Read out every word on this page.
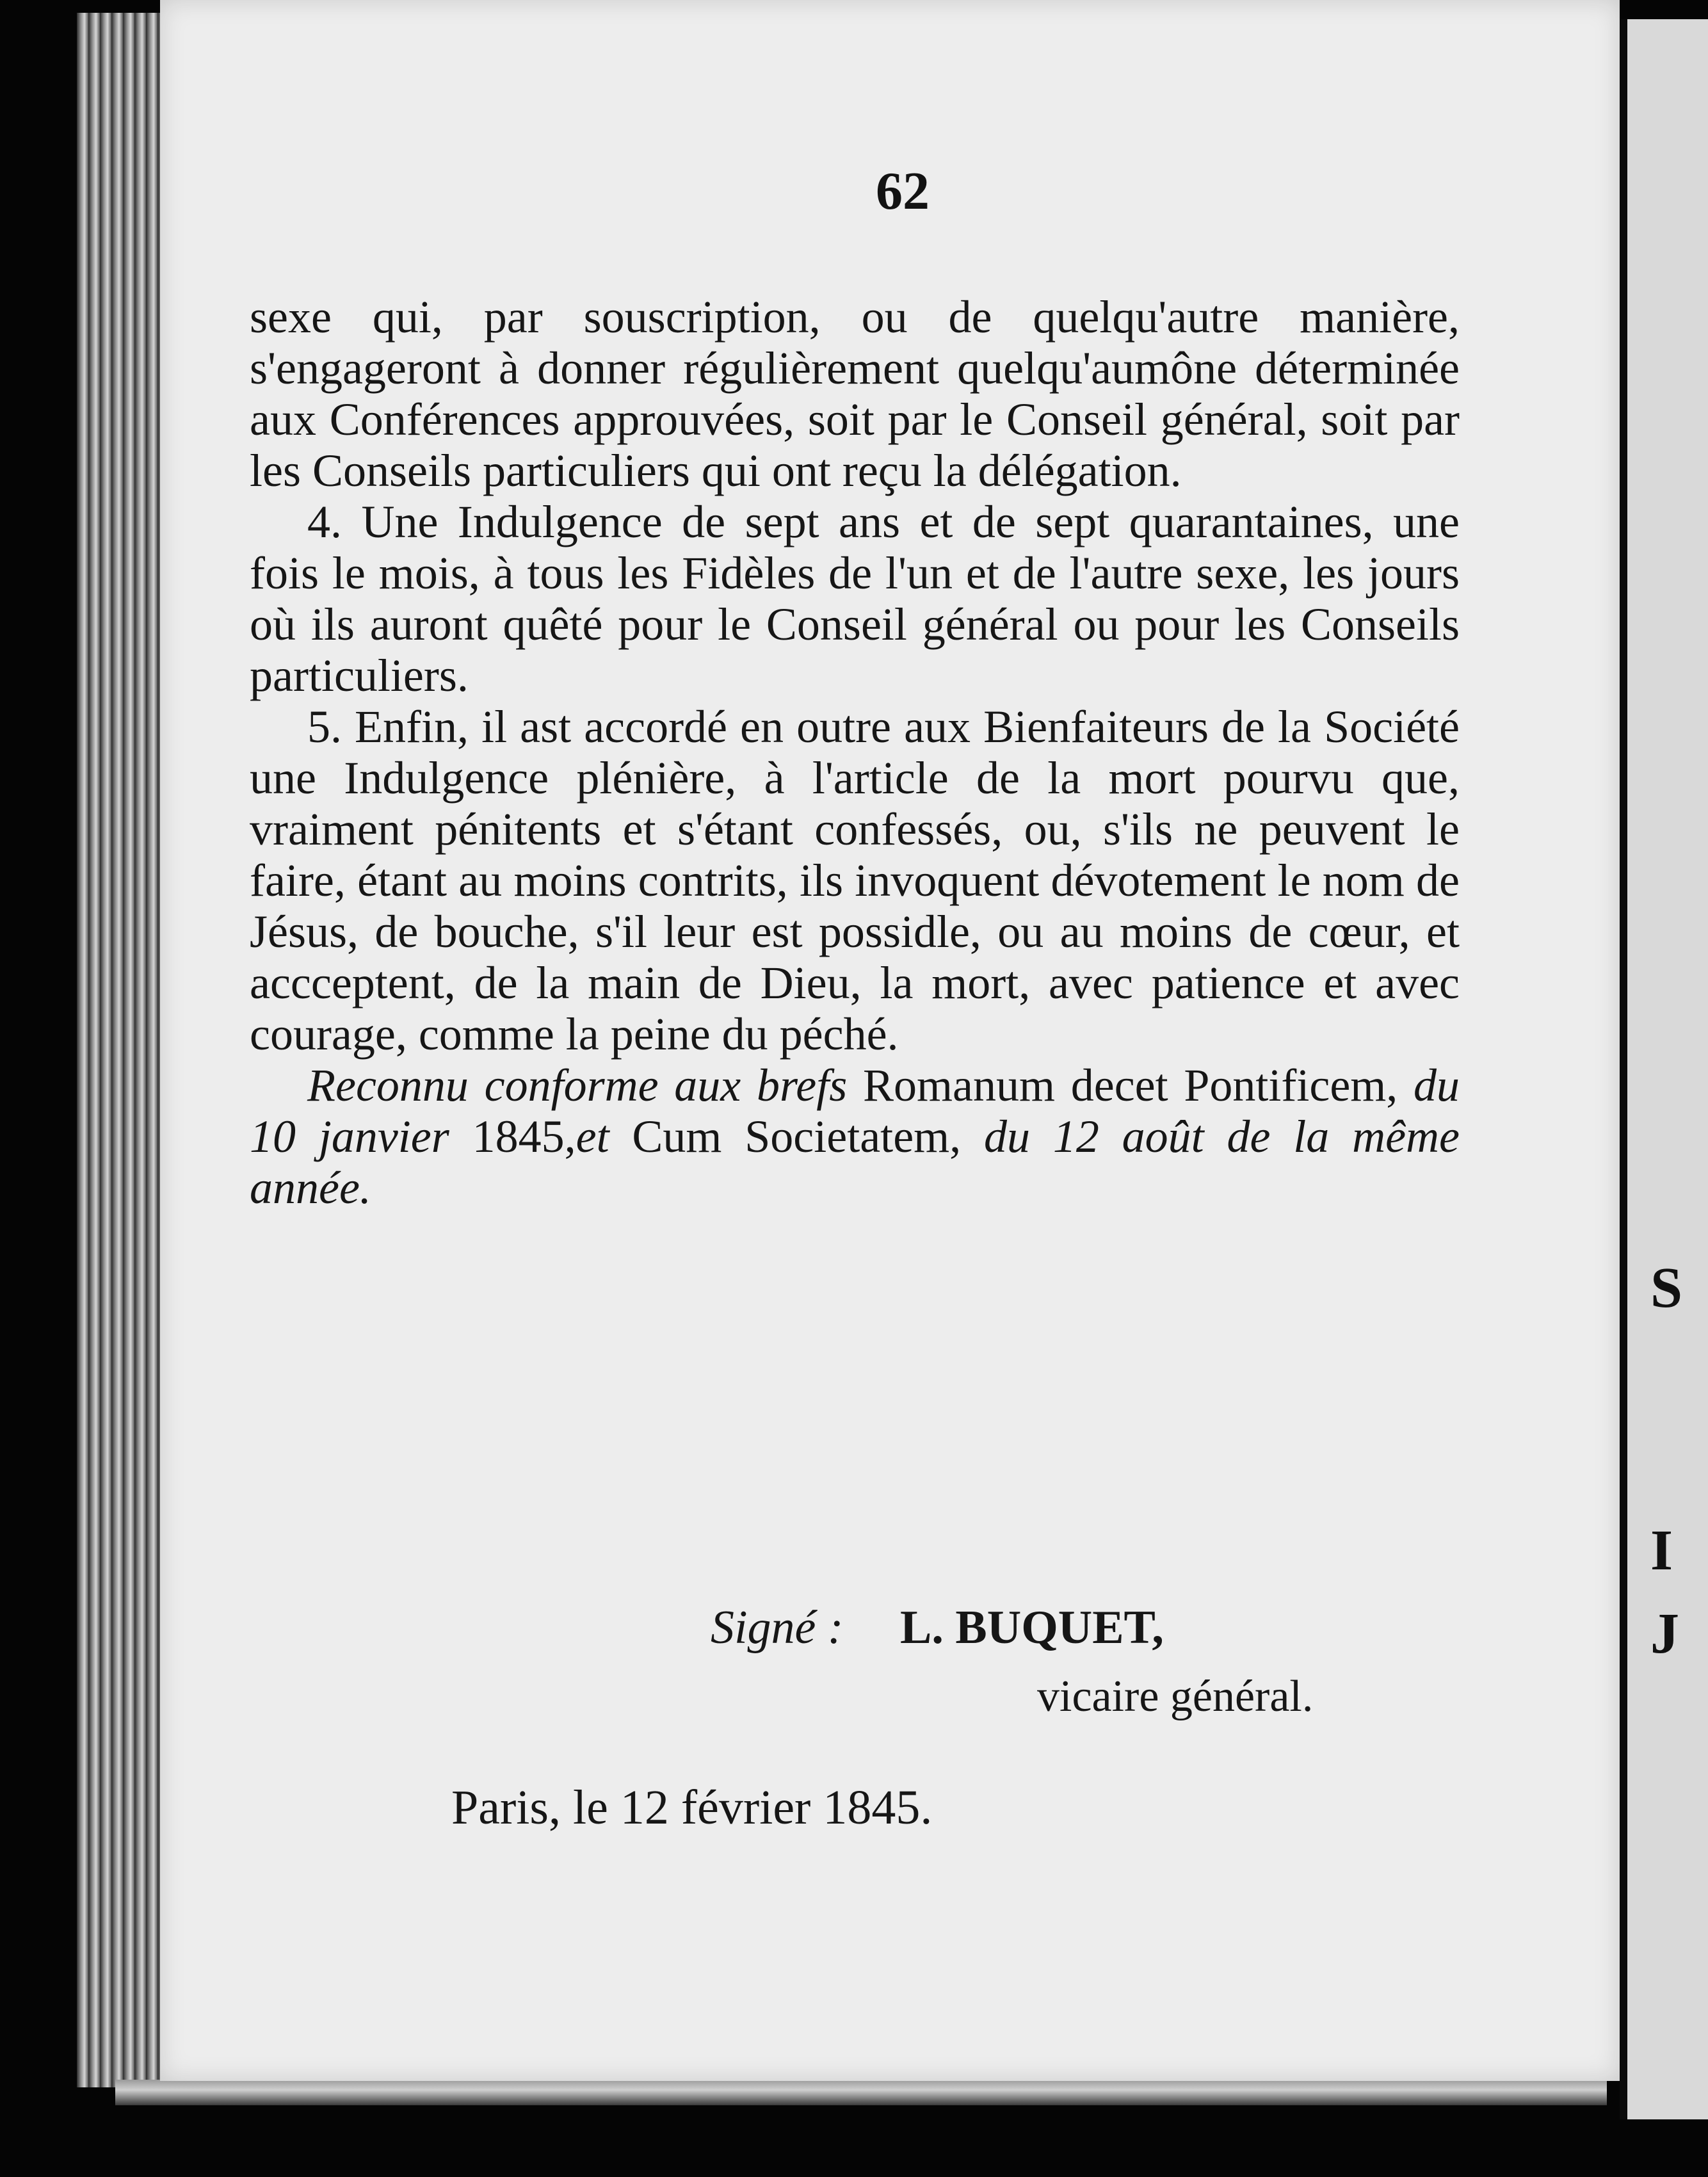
S
I
J
62

sexe qui, par souscription, ou de quelqu'autre manière, s'engageront à donner régulièrement quelqu'aumône déterminée aux Conférences approuvées, soit par le Conseil général, soit par les Conseils particuliers qui ont reçu la délégation.

4. Une Indulgence de sept ans et de sept quarantaines, une fois le mois, à tous les Fidèles de l'un et de l'autre sexe, les jours où ils auront quêté pour le Conseil général ou pour les Conseils particuliers.

5. Enfin, il ast accordé en outre aux Bienfaiteurs de la Société une Indulgence plénière, à l'article de la mort pourvu que, vraiment pénitents et s'étant confessés, ou, s'ils ne peuvent le faire, étant au moins contrits, ils invoquent dévotement le nom de Jésus, de bouche, s'il leur est possidle, ou au moins de cœur, et accceptent, de la main de Dieu, la mort, avec patience et avec courage, comme la peine du péché.

Reconnu conforme aux brefs Romanum decet Pontificem, du 10 janvier 1845,et Cum Societatem, du 12 août de la même année.

Signé : L. BUQUET,
vicaire général.
Paris, le 12 février 1845.
